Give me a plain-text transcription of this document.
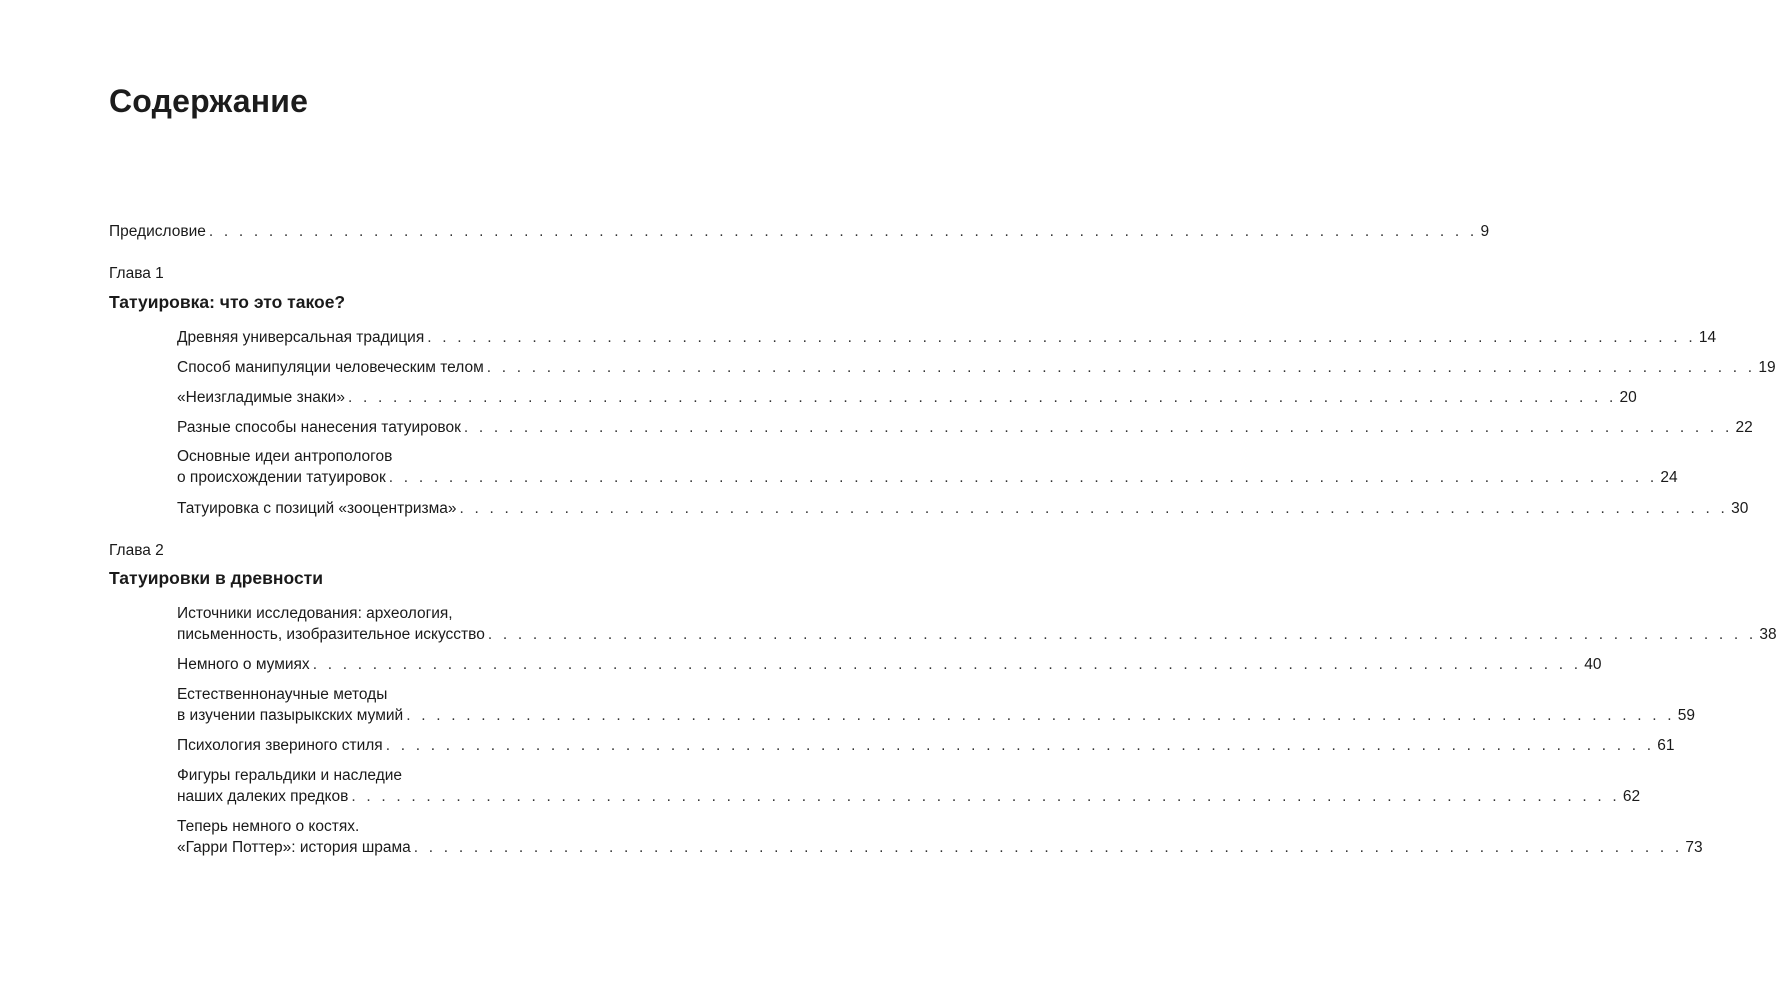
Содержание
Предисловие . . . . . . . . . . . . . . . . . . . . . . . . . . . . . . . . . . . . . . . . . . . . . . . . . . . . . . . . . . . . . . . . . . . . . . . . . . . . . . . . . . . . . 9
Глава 1
Татуировка: что это такое?
Древняя универсальная традиция . . . . . . . . . . . . . . . . . . . . . . . . . . . . . . . . . . . . . . . . . . . . . . . . . . . . . . . . . . . . . . . . . . . . . . . . . . . . . . . . . . . . . 14
Способ манипуляции человеческим телом . . . . . . . . . . . . . . . . . . . . . . . . . . . . . . . . . . . . . . . . . . . . . . . . . . . . . . . . . . . . . . . . . . . . . . . . . . . . . . . . . . . . . 19
«Неизгладимые знаки» . . . . . . . . . . . . . . . . . . . . . . . . . . . . . . . . . . . . . . . . . . . . . . . . . . . . . . . . . . . . . . . . . . . . . . . . . . . . . . . . . . . . . 20
Разные способы нанесения татуировок . . . . . . . . . . . . . . . . . . . . . . . . . . . . . . . . . . . . . . . . . . . . . . . . . . . . . . . . . . . . . . . . . . . . . . . . . . . . . . . . . . . . . 22
Основные идеи антропологов
о происхождении татуировок . . . . . . . . . . . . . . . . . . . . . . . . . . . . . . . . . . . . . . . . . . . . . . . . . . . . . . . . . . . . . . . . . . . . . . . . . . . . . . . . . . . . . 24
Татуировка с позиций «зооцентризма» . . . . . . . . . . . . . . . . . . . . . . . . . . . . . . . . . . . . . . . . . . . . . . . . . . . . . . . . . . . . . . . . . . . . . . . . . . . . . . . . . . . . . 30
Глава 2
Татуировки в древности
Источники исследования: археология,
письменность, изобразительное искусство . . . . . . . . . . . . . . . . . . . . . . . . . . . . . . . . . . . . . . . . . . . . . . . . . . . . . . . . . . . . . . . . . . . . . . . . . . . . . . . . . . . . . 38
Немного о мумиях . . . . . . . . . . . . . . . . . . . . . . . . . . . . . . . . . . . . . . . . . . . . . . . . . . . . . . . . . . . . . . . . . . . . . . . . . . . . . . . . . . . . . 40
Естественнонаучные методы
в изучении пазырыкских мумий . . . . . . . . . . . . . . . . . . . . . . . . . . . . . . . . . . . . . . . . . . . . . . . . . . . . . . . . . . . . . . . . . . . . . . . . . . . . . . . . . . . . . 59
Психология звериного стиля . . . . . . . . . . . . . . . . . . . . . . . . . . . . . . . . . . . . . . . . . . . . . . . . . . . . . . . . . . . . . . . . . . . . . . . . . . . . . . . . . . . . . 61
Фигуры геральдики и наследие
наших далеких предков . . . . . . . . . . . . . . . . . . . . . . . . . . . . . . . . . . . . . . . . . . . . . . . . . . . . . . . . . . . . . . . . . . . . . . . . . . . . . . . . . . . . . 62
Теперь немного о костях.
«Гарри Поттер»: история шрама . . . . . . . . . . . . . . . . . . . . . . . . . . . . . . . . . . . . . . . . . . . . . . . . . . . . . . . . . . . . . . . . . . . . . . . . . . . . . . . . . . . . . 73
